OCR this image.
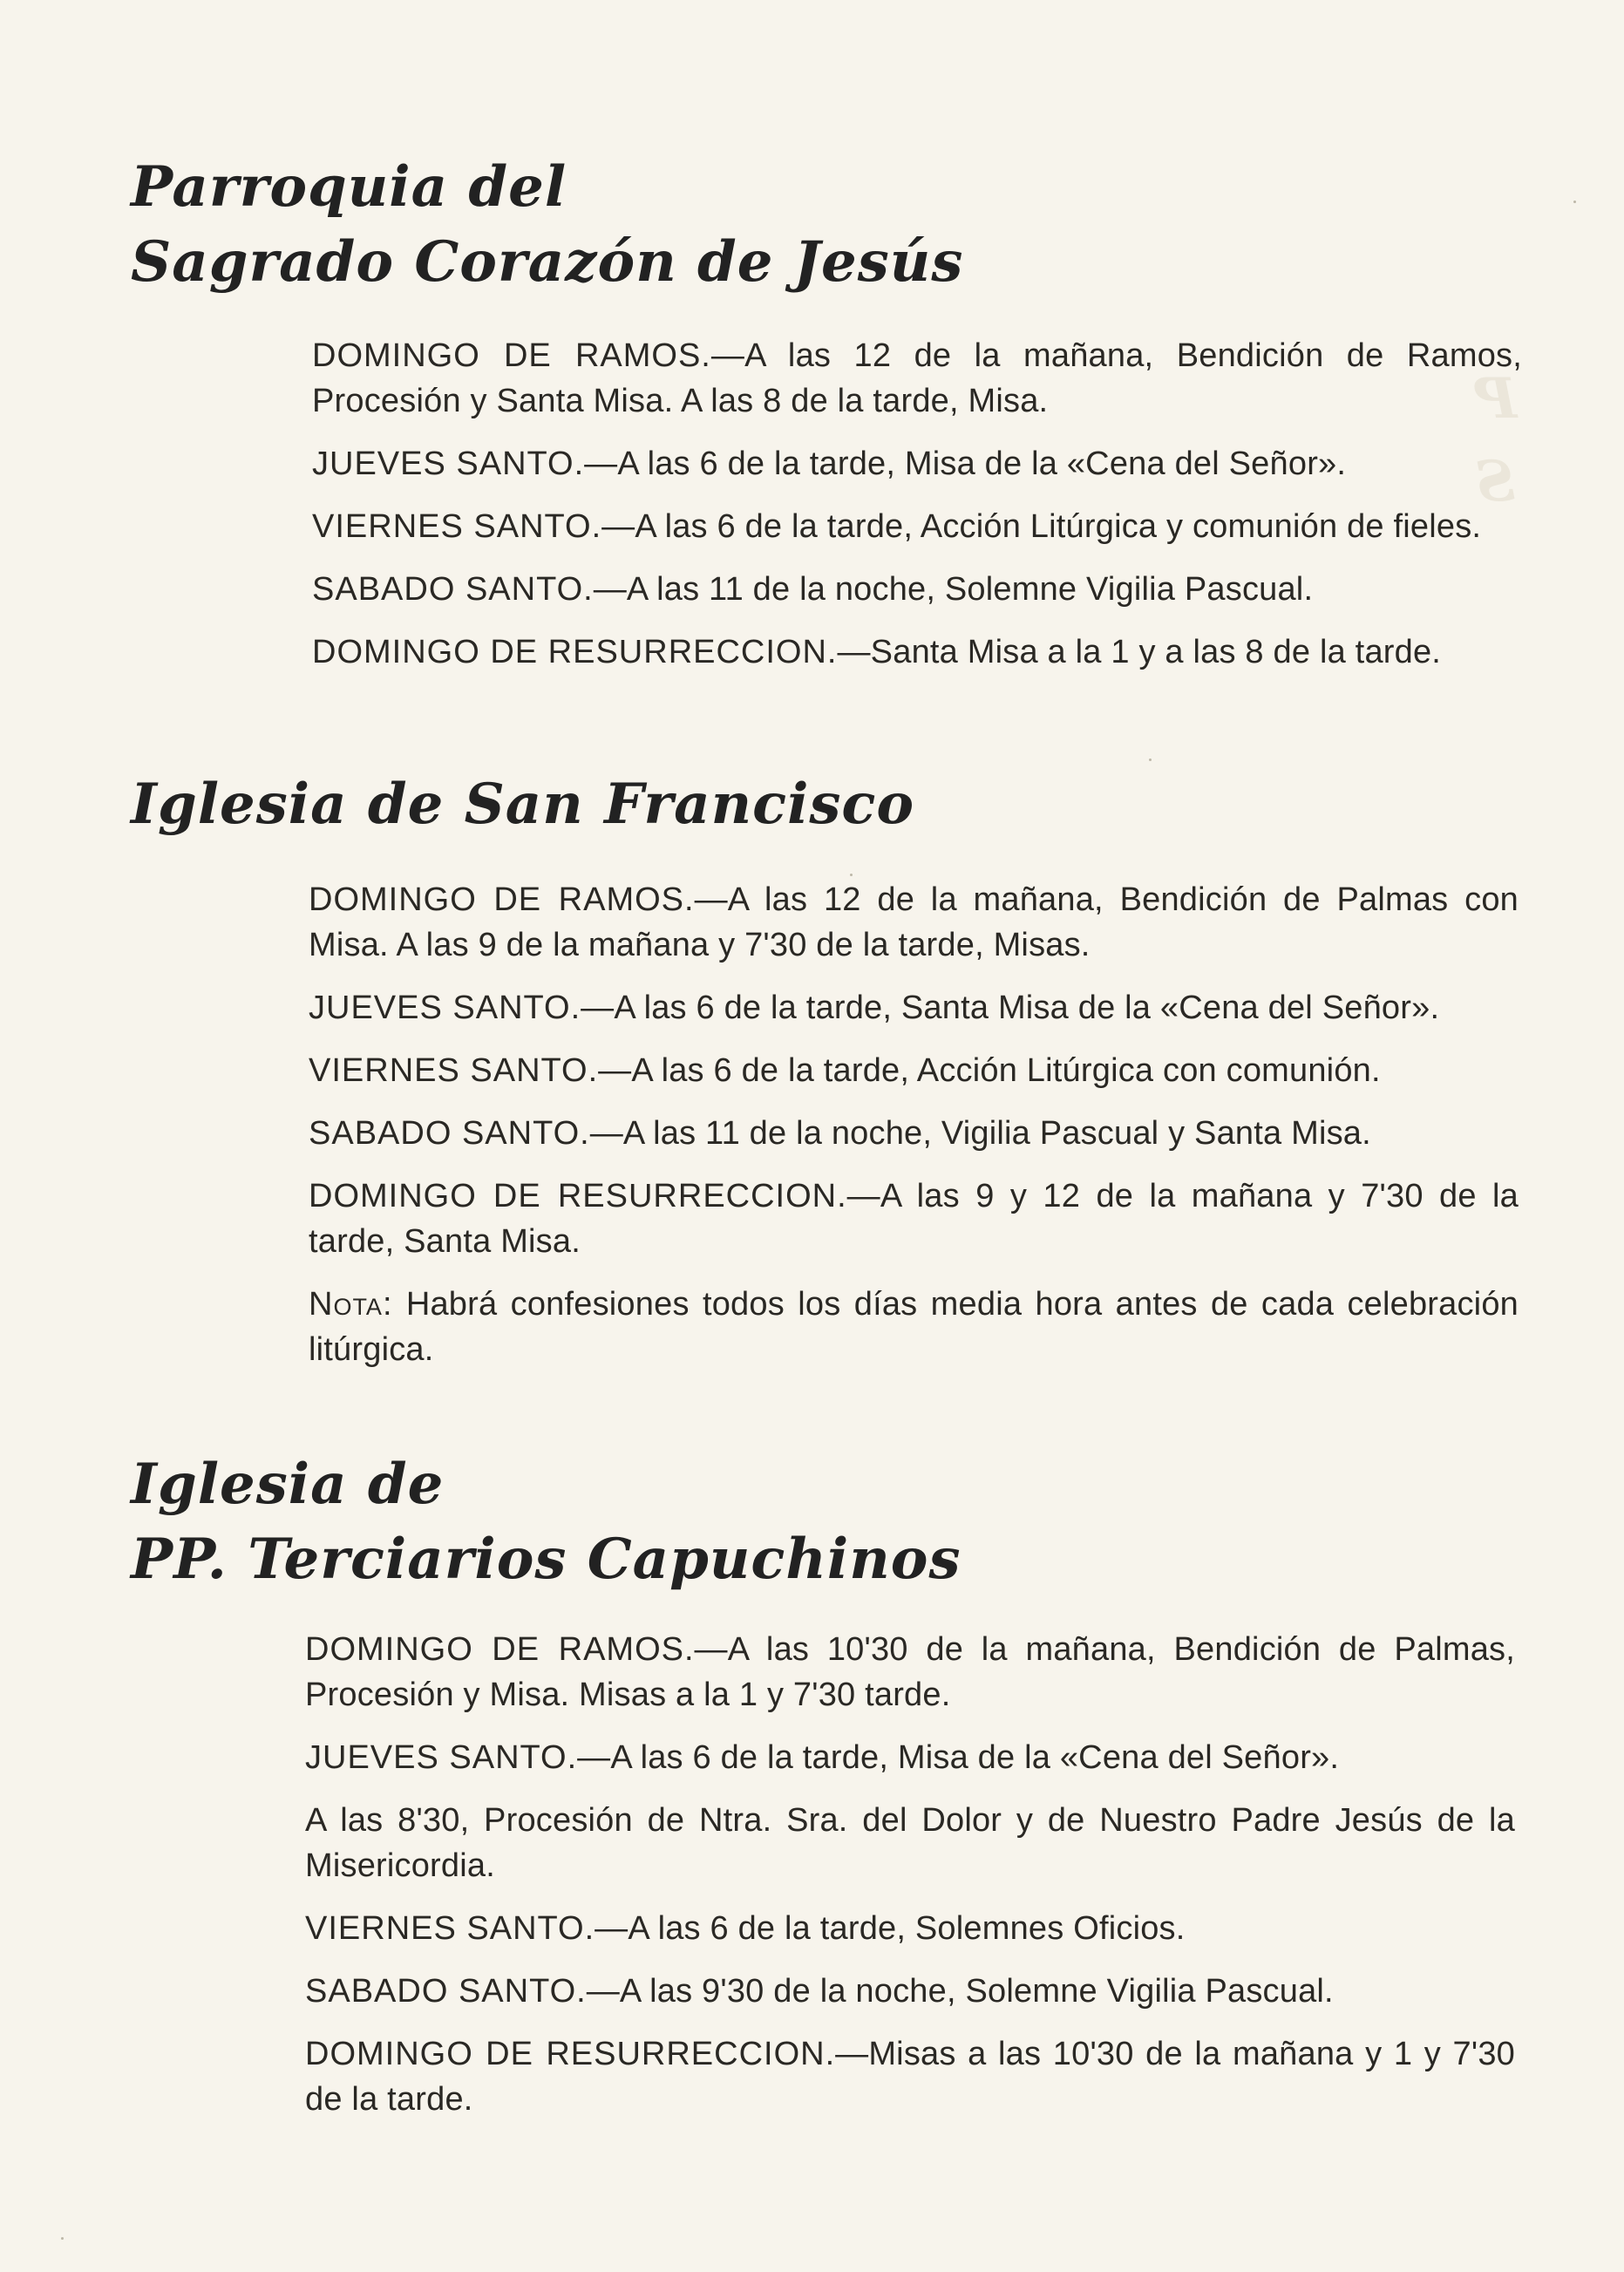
P
S
Parroquia del
Sagrado Corazón de Jesús

DOMINGO DE RAMOS.—A las 12 de la mañana, Bendición de Ramos, Procesión y Santa Misa. A las 8 de la tarde, Misa.

JUEVES SANTO.—A las 6 de la tarde, Misa de la «Cena del Señor».

VIERNES SANTO.—A las 6 de la tarde, Acción Litúrgica y comunión de fieles.

SABADO SANTO.—A las 11 de la noche, Solemne Vigilia Pascual.

DOMINGO DE RESURRECCION.—Santa Misa a la 1 y a las 8 de la tarde.

Iglesia de San Francisco

DOMINGO DE RAMOS.—A las 12 de la mañana, Bendición de Palmas con Misa. A las 9 de la mañana y 7'30 de la tarde, Misas.

JUEVES SANTO.—A las 6 de la tarde, Santa Misa de la «Cena del Señor».

VIERNES SANTO.—A las 6 de la tarde, Acción Litúrgica con comunión.

SABADO SANTO.—A las 11 de la noche, Vigilia Pascual y Santa Misa.

DOMINGO DE RESURRECCION.—A las 9 y 12 de la mañana y 7'30 de la tarde, Santa Misa.

Nota: Habrá confesiones todos los días media hora antes de cada celebración litúrgica.

Iglesia de
PP. Terciarios Capuchinos

DOMINGO DE RAMOS.—A las 10'30 de la mañana, Bendición de Palmas, Procesión y Misa. Misas a la 1 y 7'30 tarde.

JUEVES SANTO.—A las 6 de la tarde, Misa de la «Cena del Señor».

A las 8'30, Procesión de Ntra. Sra. del Dolor y de Nuestro Padre Jesús de la Misericordia.

VIERNES SANTO.—A las 6 de la tarde, Solemnes Oficios.

SABADO SANTO.—A las 9'30 de la noche, Solemne Vigilia Pascual.

DOMINGO DE RESURRECCION.—Misas a las 10'30 de la mañana y 1 y 7'30 de la tarde.
